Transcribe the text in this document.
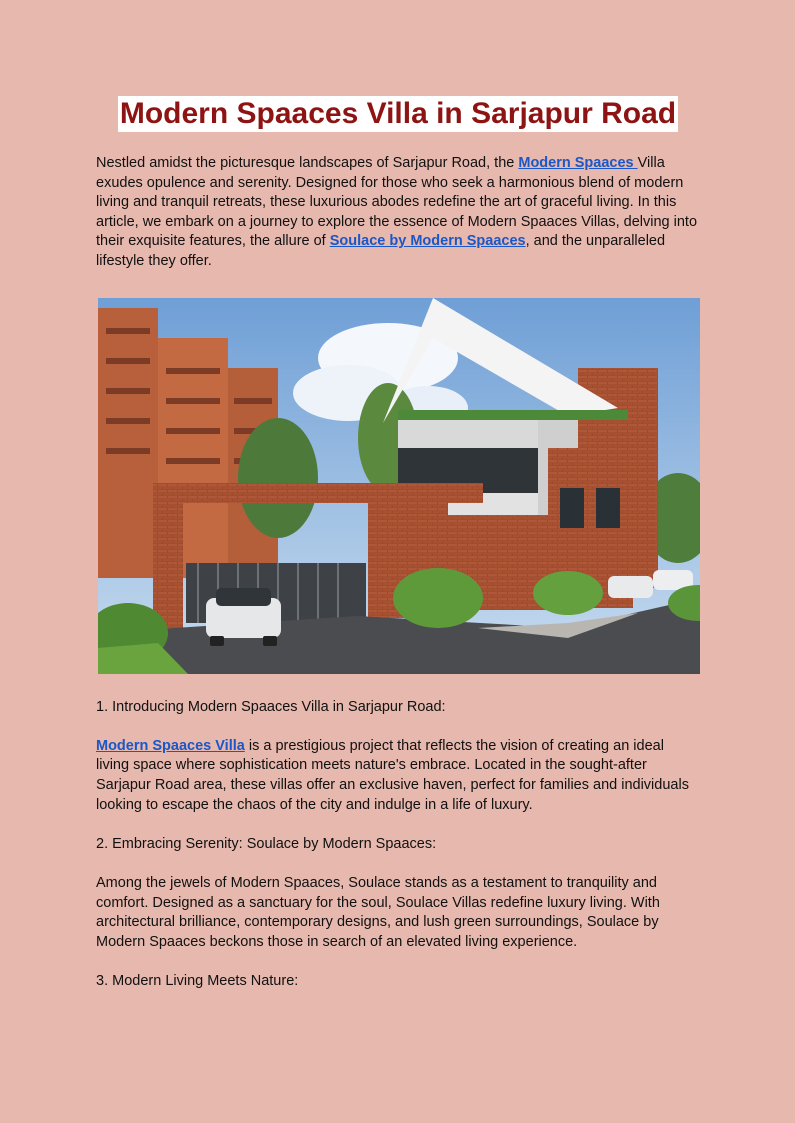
Modern Spaaces Villa in Sarjapur Road

Nestled amidst the picturesque landscapes of Sarjapur Road, the Modern Spaaces Villa exudes opulence and serenity. Designed for those who seek a harmonious blend of modern living and tranquil retreats, these luxurious abodes redefine the art of graceful living. In this article, we embark on a journey to explore the essence of Modern Spaaces Villas, delving into their exquisite features, the allure of Soulace by Modern Spaaces, and the unparalleled lifestyle they offer.

1. Introducing Modern Spaaces Villa in Sarjapur Road:

Modern Spaaces Villa is a prestigious project that reflects the vision of creating an ideal living space where sophistication meets nature's embrace. Located in the sought-after Sarjapur Road area, these villas offer an exclusive haven, perfect for families and individuals looking to escape the chaos of the city and indulge in a life of luxury.

2. Embracing Serenity: Soulace by Modern Spaaces:

Among the jewels of Modern Spaaces, Soulace stands as a testament to tranquility and comfort. Designed as a sanctuary for the soul, Soulace Villas redefine luxury living. With architectural brilliance, contemporary designs, and lush green surroundings, Soulace by Modern Spaaces beckons those in search of an elevated living experience.

3. Modern Living Meets Nature:
